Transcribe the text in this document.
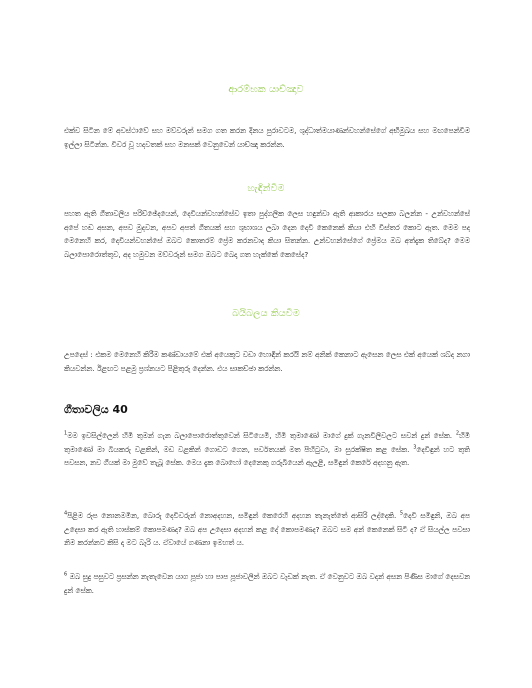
ආරම්භක යාච්ඤාව
එක්ව සිටින මේ අවස්ථාවේ සහ මව්වරුන් සමග ගත කරන දිනය පුරාවටම, ශුද්ධාත්මයාණන්වහන්සේගේ අභිමුඛය සහ මඟපෙන්වීම ඉල්ලා සිටින්න. විවර වූ හදවතක් සහ මනසක් වෙනුවෙන් යාච්ඤා කරන්න.
හැඳින්වීම
පහත ඇති ගීතාවලිය පරිච්ඡේදයෙන්, දෙවියන්වහන්සේව ඉතා පුද්ගලික ලෙස හඳුන්වා ඇති ආකාරය සලකා බලන්න - උන්වහන්සේ අපේ හඬ අසන, අපව මුදවන, අපව අපත් ගීතයක් සහ ශුභාශය ලබා දෙන දෙවි කෙනෙක් කියා එහි විස්තර කොට ඇත. මෙම පද මෙනෙහි කර, දෙවියන්වහන්සේ ඔබට කොතරම් ප්‍රේම කරනවාද කියා සිතන්න. උන්වහන්සේගේ ප්‍රේමය ඔබ අත්දැක තිබේද? මෙම බලාපොරොත්තුව, අද හමුවන මව්වරුන් සමග ඔබට බෙදා ගත හැක්කේ කෙසේද?
බයිබලය කියවීම
උපදෙස් : එකම මෙනෙහි කිරීම කණ්ඩායමේ එක් අයෙකුට වඩා හොඳින් කරයි නම් අනික් කෙනාට ඇසෙන ලෙස එක් අයෙක් ශබ්ද නගා කියවන්න. ඊළඟට පළමු ප්‍රශ්නයට පිළිතුරු දෙන්න. එය සාකච්ඡා කරන්න.
ගීතාවලිය 40
$^1$මම ඉවසිල්ලෙන් හිමි තුමන් ගැන බලාපොරොත්තුවෙන් සිටියෙමි, හිමි තුමාණෝ මාගේ දුක් ගැනවිලිවලට සවන් දුන් සේක. $^2$හිමි තුමාණෝ මා බියකරු වළකින්, මඩ වළකින් ගොඩට ගෙන, පර්වතයක් මත පිහිටුවා, මා සුරක්ෂිත කළ සේක. $^3$දෙවිඳුන් හට තුති පවසන, නව ගීයක් මා මුවේ තැබූ සේක. මෙය දැක බොහෝ දෙනෙකු ගරුබියෙන් ඇලළී, සමිඳුන් කෙරේ අදහනු ඇත.
$^4$පිළිම රූප නොනමමින, බොරු දෙවිවරුන් නොඅදහන, සමිඳුන් කෙරෙහි අදහන තැනැත්තේ ආසිරි ලද්දෙකි. $^5$දෙවි සමිඳුනි, ඔබ අප උදෙසා කර ඇති හාස්කම් කොපමණද? ඔබ අප උදෙසා අදහන් කළ දේ කොපමණද? ඔබට සම අන් කෙනෙක් සිටී ද? ඒ සියල්ල පවසා නිම කරන්නට කිසි දා මට බැරි ය. ඒවායේ ගණනා ඉමහත් ය.
$^6$ ඔබ සුදු පසුවට ප්‍රසන්න නැතැවෙන යාග පූජා හා පාප පූජාවලින් ඔබට වැඩක් නැත. ඒ වෙනුවට ඔබ වදන් අසන පිණිස මාගේ දෙසවන දුන් සේක.
